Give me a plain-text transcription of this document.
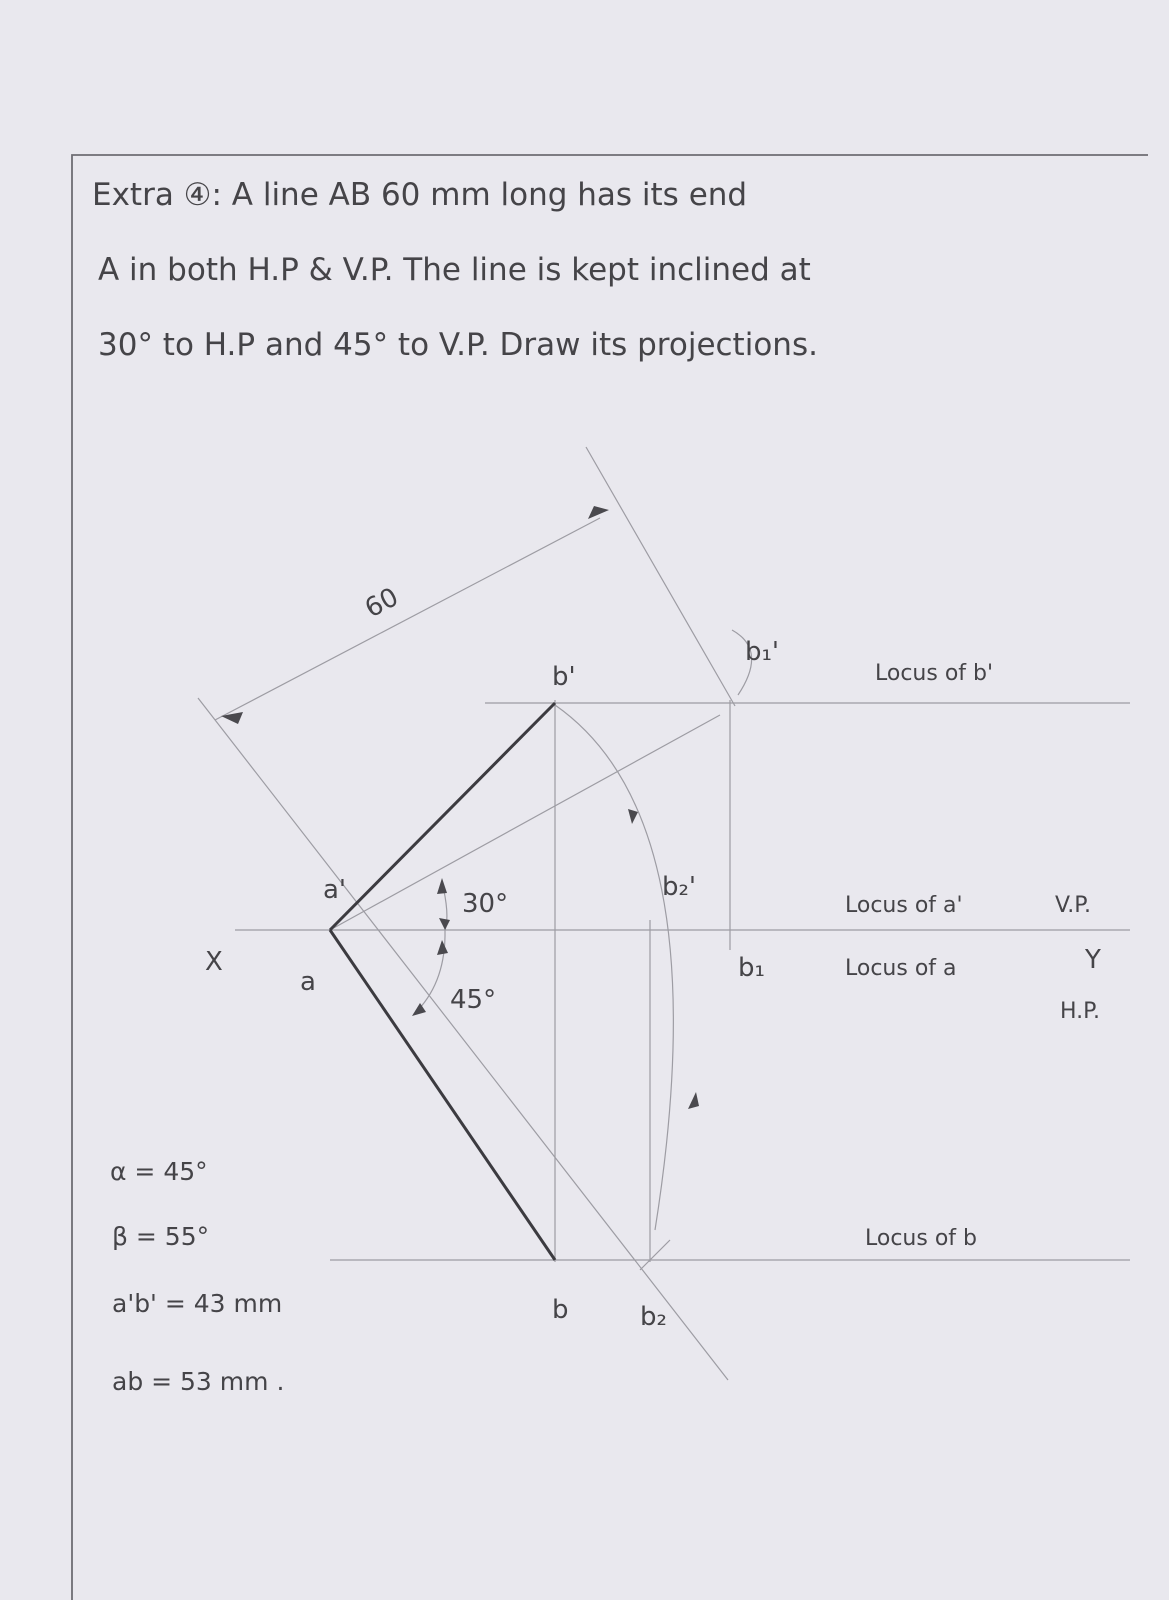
Extra ④: A line AB 60 mm long has its end
A in both H.P & V.P. The line is kept inclined at
30° to H.P and 45° to V.P. Draw its projections.
60
30°
45°
a'
a
b'
b
b₁'
b₁
b₂'
b₂
X	Y
V.P.
H.P.
Locus of b'
Locus of a'
Locus of a
Locus of b
α = 45°
β = 55°
a'b' = 43 mm
ab = 53 mm .
